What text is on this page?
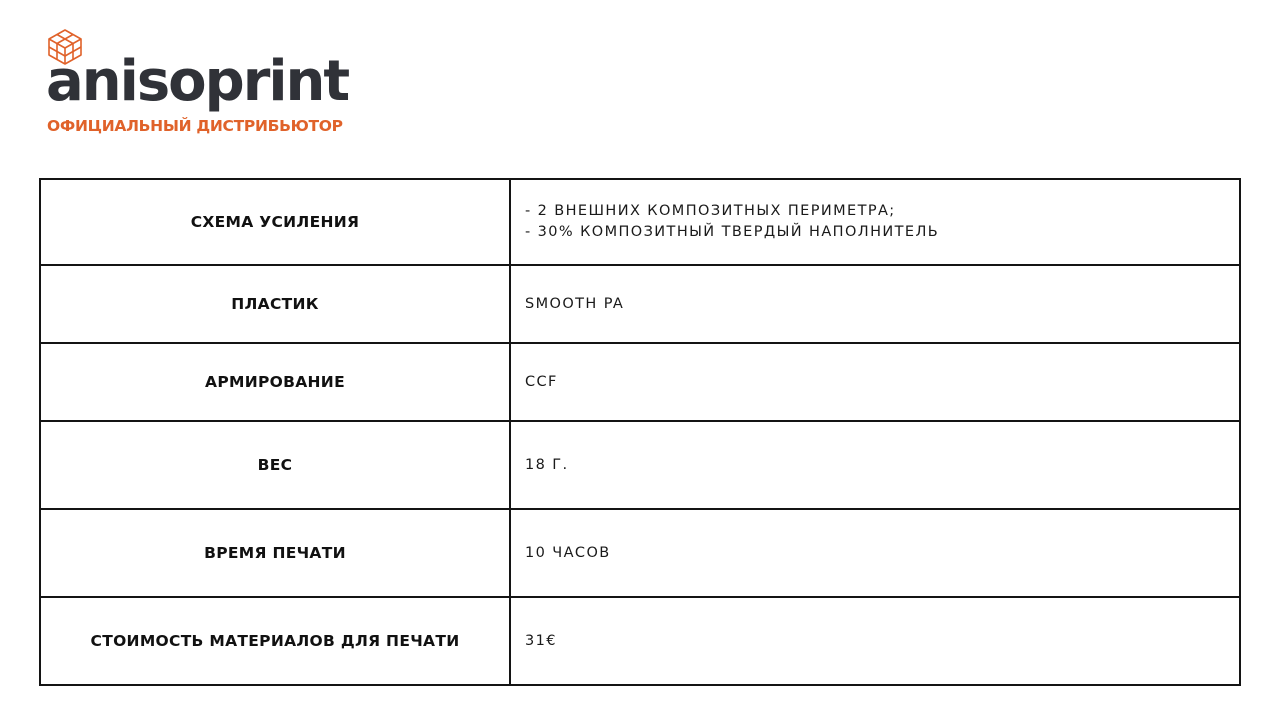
anisoprint
ОФИЦИАЛЬНЫЙ ДИСТРИБЬЮТОР
СХЕМА УСИЛЕНИЯ	- 2 ВНЕШНИХ КОМПОЗИТНЫХ ПЕРИМЕТРА;
- 30% КОМПОЗИТНЫЙ ТВЕРДЫЙ НАПОЛНИТЕЛЬ

ПЛАСТИК	SMOOTH PA

АРМИРОВАНИЕ	CCF

ВЕС	18 Г.

ВРЕМЯ ПЕЧАТИ	10 ЧАСОВ

СТОИМОСТЬ МАТЕРИАЛОВ ДЛЯ ПЕЧАТИ	31€
